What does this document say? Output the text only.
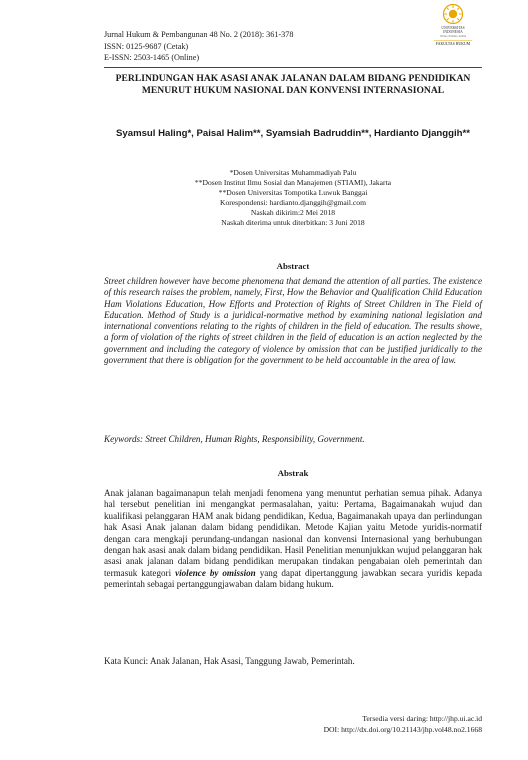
Jurnal Hukum & Pembangunan 48 No. 2 (2018): 361-378
ISSN: 0125-9687 (Cetak)
E-ISSN: 2503-1465 (Online)
UNIVERSITAS
INDONESIA
Veritas, Probitas, Iustitia
FAKULTAS HUKUM
PERLINDUNGAN HAK ASASI ANAK JALANAN DALAM BIDANG PENDIDIKAN MENURUT HUKUM NASIONAL DAN KONVENSI INTERNASIONAL
Syamsul Haling*, Paisal Halim**, Syamsiah Badruddin**, Hardianto Djanggih**
*Dosen Universitas Muhammadiyah Palu
**Dosen Institut Ilmu Sosial dan Manajemen (STIAMI), Jakarta
**Dosen Universitas Tompotika Luwuk Banggai
Korespondensi: hardianto.djanggih@gmail.com
Naskah dikirim:2 Mei 2018
Naskah diterima untuk diterbitkan: 3 Juni 2018
Abstract
Street children however have become phenomena that demand the attention of all parties. The existence of this research raises the problem, namely, First, How the Behavior and Qualification Child Education Ham Violations Education, How Efforts and Protection of Rights of Street Children in The Field of Education. Method of Study is a juridical-normative method by examining national legislation and international conventions relating to the rights of children in the field of education. The results showe, a form of violation of the rights of street children in the field of education is an action neglected by the government and including the category of violence by omission that can be justified juridically to the government that there is obligation for the government to be held accountable in the area of law.
Keywords: Street Children, Human Rights, Responsibility, Government.
Abstrak
Anak jalanan bagaimanapun telah menjadi fenomena yang menuntut perhatian semua pihak. Adanya hal tersebut penelitian ini mengangkat permasalahan, yaitu: Pertama, Bagaimanakah wujud dan kualifikasi pelanggaran HAM anak bidang pendidikan, Kedua, Bagaimanakah upaya dan perlindungan hak Asasi Anak jalanan dalam bidang pendidikan. Metode Kajian yaitu Metode yuridis-normatif dengan cara mengkaji perundang-undangan nasional dan konvensi Internasional yang berhubungan dengan hak asasi anak dalam bidang pendidikan. Hasil Penelitian menunjukkan wujud pelanggaran hak asasi anak jalanan dalam bidang pendidikan merupakan tindakan pengabaian oleh pemerintah dan termasuk kategori violence by omission yang dapat dipertanggung jawabkan secara yuridis kepada pemerintah sebagai pertanggungjawaban dalam bidang hukum.
Kata Kunci: Anak Jalanan, Hak Asasi, Tanggung Jawab, Pemerintah.
Tersedia versi daring: http://jhp.ui.ac.id
DOI: http://dx.doi.org/10.21143/jhp.vol48.no2.1668
